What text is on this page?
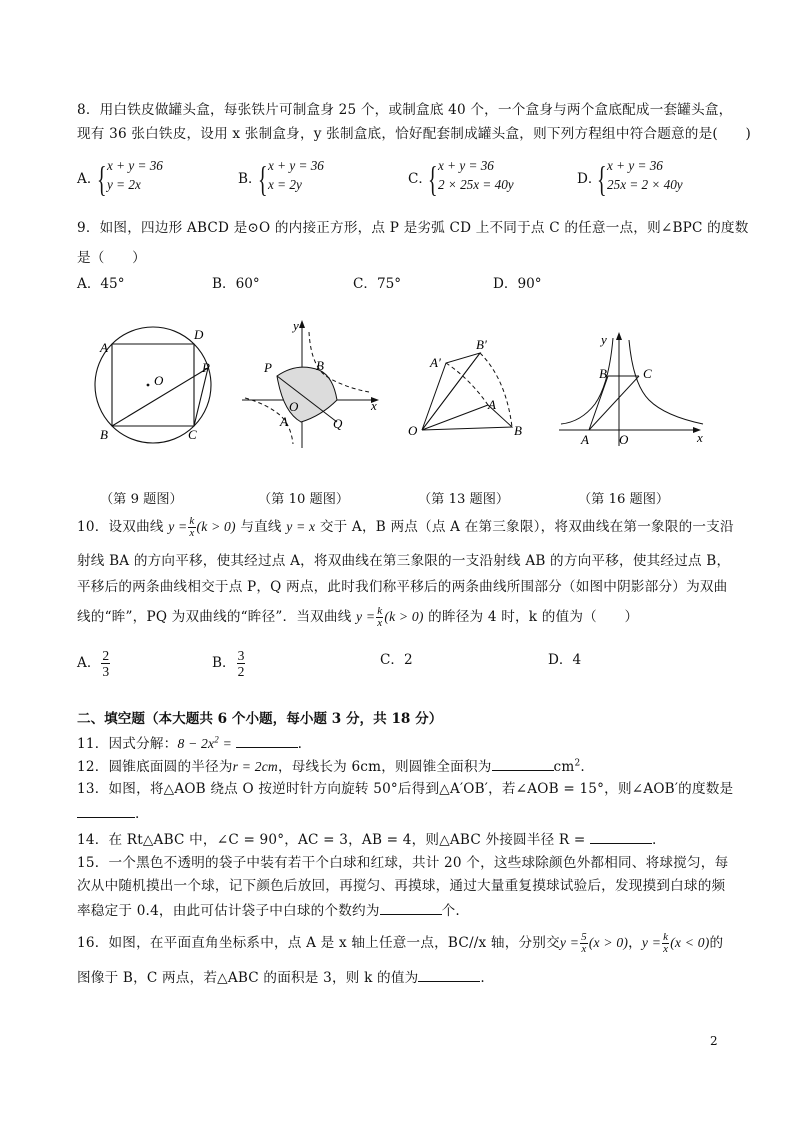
8．用白铁皮做罐头盒，每张铁片可制盒身 25 个，或制盒底 40 个，一个盒身与两个盒底配成一套罐头盒，
现有 36 张白铁皮，设用 x 张制盒身，y 张制盒底，恰好配套制成罐头盒，则下列方程组中符合题意的是(　　)
A．
{ x + y = 36
y = 2x	B．
{ x + y = 36
x = 2y	C．
{ x + y = 36
2 × 25x = 40y	D．
{ x + y = 36
25x = 2 × 40y
9．如图，四边形 ABCD 是⊙O 的内接正方形，点 P 是劣弧 CD 上不同于点 C 的任意一点，则∠BPC 的度数
是（　　）
A．45°	B．60°	C．75°	D．90°
A
D
P
O
B	C
P	B
O
A	Q
y
x
A′
B′
A
O	B
y
x
B	C
A O
（第 9 题图）	（第 10 题图）	（第 13 题图）	（第 16 题图）
10．设双曲线 $y = \frac{k}{x} (k > 0)$ 与直线 y = x 交于 A，B 两点（点 A 在第三象限），将双曲线在第一象限的一支沿
射线 BA 的方向平移，使其经过点 A，将双曲线在第三象限的一支沿射线 AB 的方向平移，使其经过点 B，
平移后的两条曲线相交于点 P，Q 两点，此时我们称平移后的两条曲线所围部分（如图中阴影部分）为双曲
线的“眸”，PQ 为双曲线的“眸径”．当双曲线 $y = \frac{k}{x} (k > 0)$ 的眸径为 4 时，k 的值为（　　）
A． $\frac{2}{3}$	B． $\frac{3}{2}$	C．2	D．4
二、填空题（本大题共 6 个小题，每小题 3 分，共 18 分）
11．因式分解：$8 - 2x^2$ =	.
12．圆锥底面圆的半径为r = 2cm，母线长为 6cm，则圆锥全面积为	$cm^2$.
13．如图，将△AOB 绕点 O 按逆时针方向旋转 50°后得到△A′OB′，若∠AOB = 15°，则∠AOB′的度数是
.
14．在 Rt△ABC 中，∠C = 90°，AC = 3，AB = 4，则△ABC 外接圆半径 R =	.
15．一个黑色不透明的袋子中装有若干个白球和红球，共计 20 个，这些球除颜色外都相同、将球搅匀，每
次从中随机摸出一个球，记下颜色后放回，再搅匀、再摸球，通过大量重复摸球试验后，发现摸到白球的频
率稳定于 0.4，由此可估计袋子中白球的个数约为	个.
16．如图，在平面直角坐标系中，点 A 是 x 轴上任意一点，BC//x 轴，分别交$y = \frac{5}{x} (x > 0)$，$y = \frac{k}{x} (x < 0)$的
图像于 B，C 两点，若△ABC 的面积是 3，则 k 的值为	.
2
